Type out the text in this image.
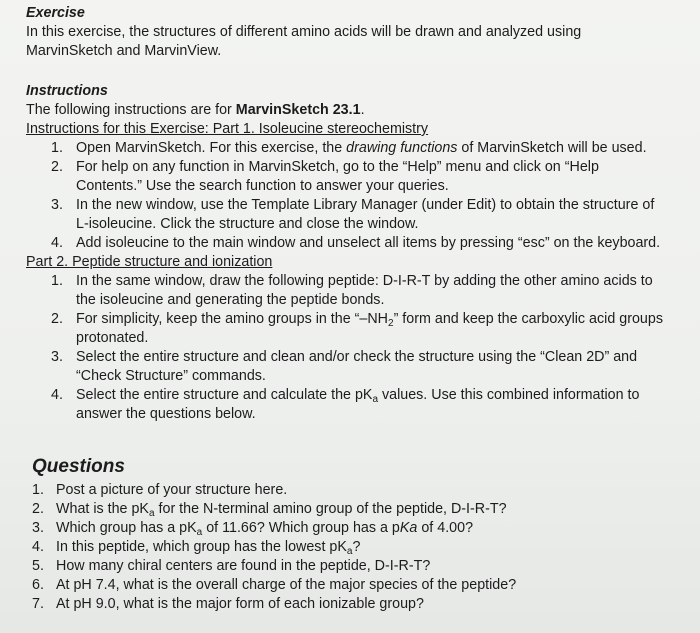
Exercise
In this exercise, the structures of different amino acids will be drawn and analyzed using
MarvinSketch and MarvinView.
Instructions
The following instructions are for MarvinSketch 23.1.
Instructions for this Exercise: Part 1. Isoleucine stereochemistry
1. Open MarvinSketch. For this exercise, the drawing functions of MarvinSketch will be used.
2. For help on any function in MarvinSketch, go to the “Help” menu and click on “Help
Contents.” Use the search function to answer your queries.
3. In the new window, use the Template Library Manager (under Edit) to obtain the structure of
L-isoleucine. Click the structure and close the window.
4. Add isoleucine to the main window and unselect all items by pressing “esc” on the keyboard.
Part 2. Peptide structure and ionization
1. In the same window, draw the following peptide: D-I-R-T by adding the other amino acids to
the isoleucine and generating the peptide bonds.
2. For simplicity, keep the amino groups in the “$-NH_2$” form and keep the carboxylic acid groups
protonated.
3. Select the entire structure and clean and/or check the structure using the “Clean 2D” and
“Check Structure” commands.
4. Select the entire structure and calculate the $pK_a$ values. Use this combined information to
answer the questions below.
Questions
1. Post a picture of your structure here.
2. What is the $pK_a$ for the N-terminal amino group of the peptide, D-I-R-T?
3. Which group has a $pK_a$ of 11.66? Which group has a pKa of 4.00?
4. In this peptide, which group has the lowest $pK_a$?
5. How many chiral centers are found in the peptide, D-I-R-T?
6. At pH 7.4, what is the overall charge of the major species of the peptide?
7. At pH 9.0, what is the major form of each ionizable group?
